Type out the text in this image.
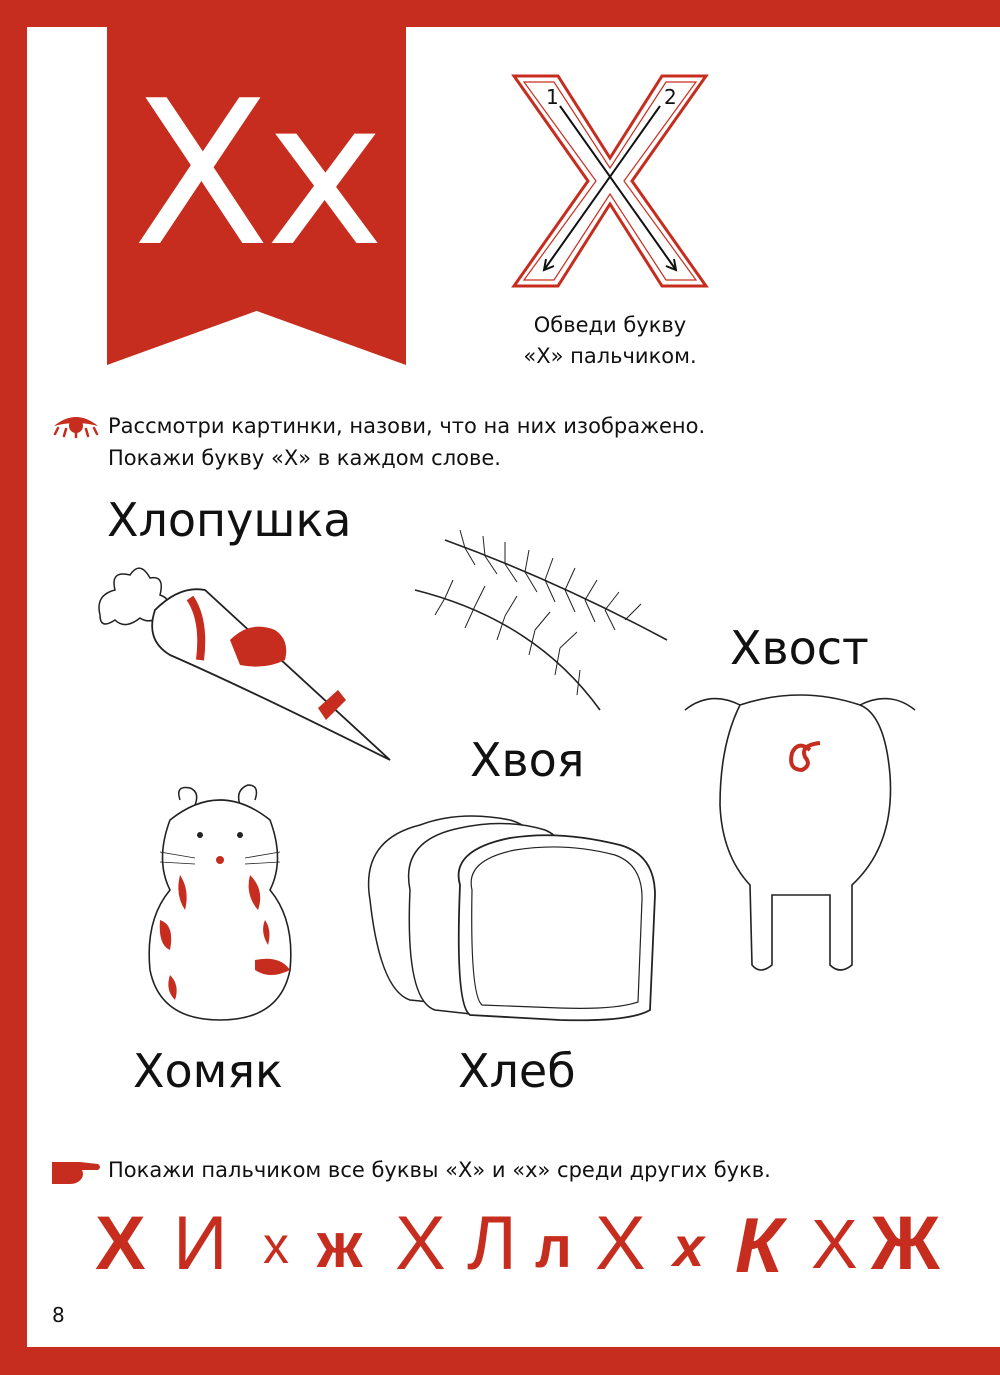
Xx	1	2
Обведи букву
«Х» пальчиком.
Рассмотри картинки, назови, что на них изображено.
Покажи букву «Х» в каждом слове.
Хлопушка
Хвост
Хвоя
Хомяк	Хлеб
Покажи пальчиком все буквы «Х» и «х» среди других букв.
Х И х ж Х Л л Х х К Х Ж
8
